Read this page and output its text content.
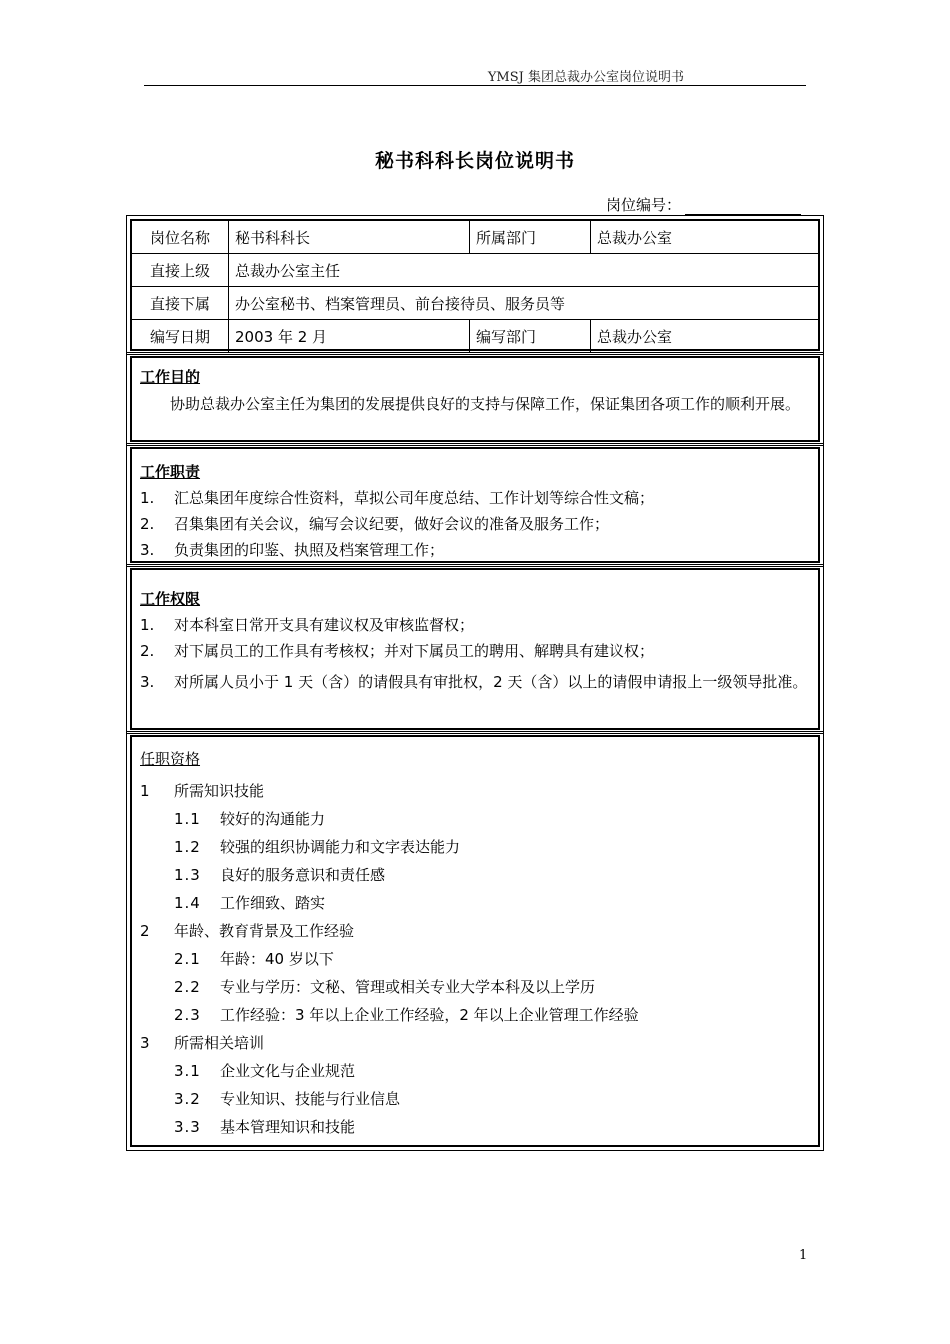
YMSJ 集团总裁办公室岗位说明书
秘书科科长岗位说明书
岗位编号：
岗位名称	秘书科科长	所属部门	总裁办公室
直接上级	总裁办公室主任		
直接下属	办公室秘书、档案管理员、前台接待员、服务员等		
编写日期	2003 年 2 月	编写部门	总裁办公室
工作目的
协助总裁办公室主任为集团的发展提供良好的支持与保障工作，保证集团各项工作的顺利开展。
工作职责
1.	汇总集团年度综合性资料，草拟公司年度总结、工作计划等综合性文稿；
2.	召集集团有关会议，编写会议纪要，做好会议的准备及服务工作；
3.	负责集团的印鉴、执照及档案管理工作；
工作权限
1.	对本科室日常开支具有建议权及审核监督权；
2.	对下属员工的工作具有考核权；并对下属员工的聘用、解聘具有建议权；
3.	对所属人员小于 1 天（含）的请假具有审批权，2 天（含）以上的请假申请报上一级领导批准。
任职资格
1	所需知识技能
1.1	较好的沟通能力
1.2	较强的组织协调能力和文字表达能力
1.3	良好的服务意识和责任感
1.4	工作细致、踏实
2	年龄、教育背景及工作经验
2.1	年龄：40 岁以下
2.2	专业与学历：文秘、管理或相关专业大学本科及以上学历
2.3	工作经验：3 年以上企业工作经验，2 年以上企业管理工作经验
3	所需相关培训
3.1	企业文化与企业规范
3.2	专业知识、技能与行业信息
3.3	基本管理知识和技能
1
